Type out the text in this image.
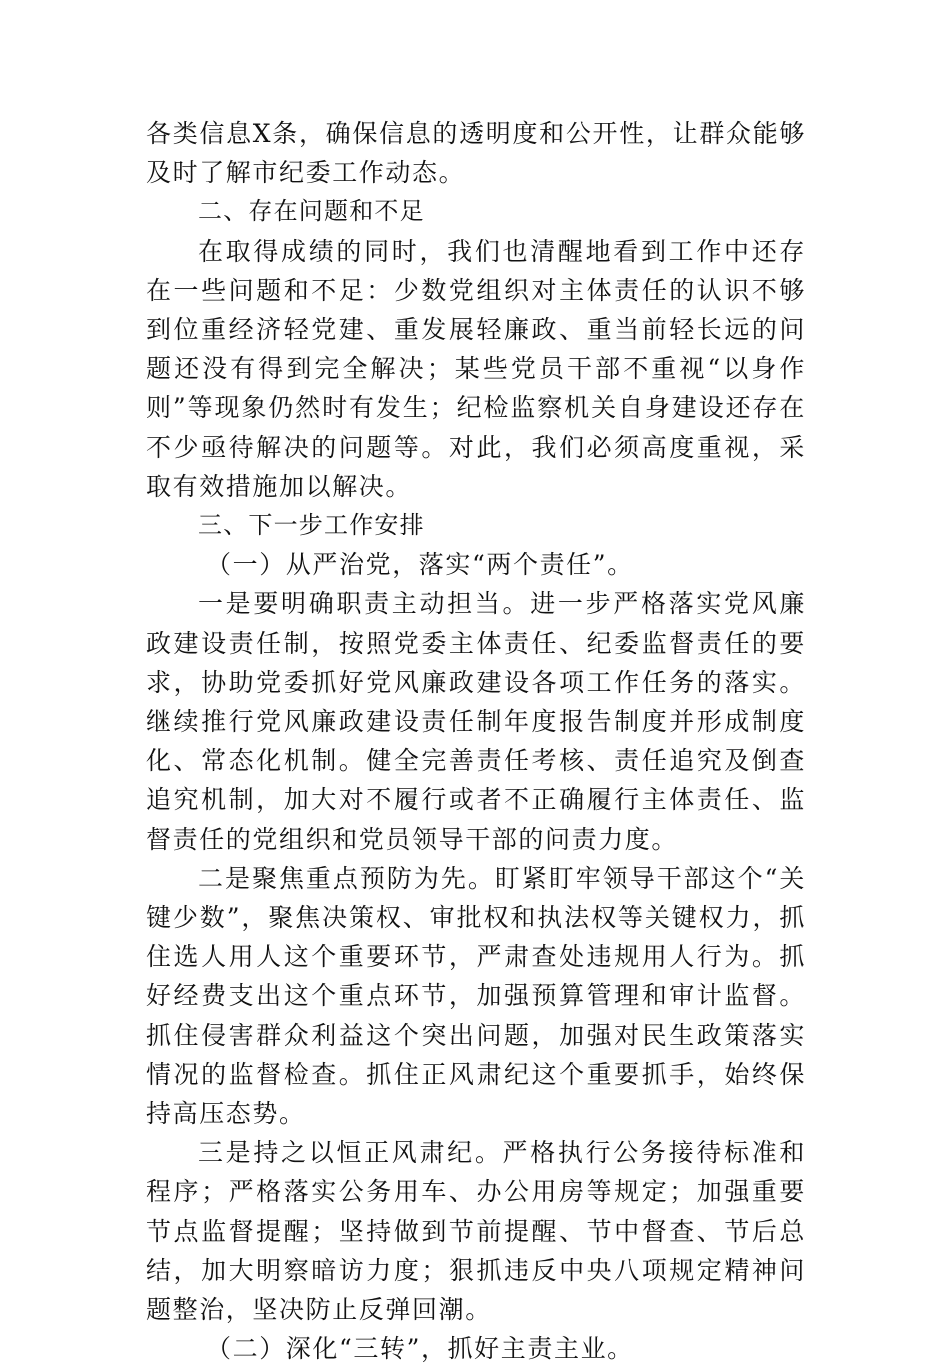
各类信息X条，确保信息的透明度和公开性，让群众能够及时了解市纪委工作动态。

二、存在问题和不足

在取得成绩的同时，我们也清醒地看到工作中还存在一些问题和不足：少数党组织对主体责任的认识不够到位重经济轻党建、重发展轻廉政、重当前轻长远的问题还没有得到完全解决；某些党员干部不重视“以身作则”等现象仍然时有发生；纪检监察机关自身建设还存在不少亟待解决的问题等。对此，我们必须高度重视，采取有效措施加以解决。

三、下一步工作安排

（一）从严治党，落实“两个责任”。

一是要明确职责主动担当。进一步严格落实党风廉政建设责任制，按照党委主体责任、纪委监督责任的要求，协助党委抓好党风廉政建设各项工作任务的落实。继续推行党风廉政建设责任制年度报告制度并形成制度化、常态化机制。健全完善责任考核、责任追究及倒查追究机制，加大对不履行或者不正确履行主体责任、监督责任的党组织和党员领导干部的问责力度。

二是聚焦重点预防为先。盯紧盯牢领导干部这个“关键少数”，聚焦决策权、审批权和执法权等关键权力，抓住选人用人这个重要环节，严肃查处违规用人行为。抓好经费支出这个重点环节，加强预算管理和审计监督。抓住侵害群众利益这个突出问题，加强对民生政策落实情况的监督检查。抓住正风肃纪这个重要抓手，始终保持高压态势。

三是持之以恒正风肃纪。严格执行公务接待标准和程序；严格落实公务用车、办公用房等规定；加强重要节点监督提醒；坚持做到节前提醒、节中督查、节后总结，加大明察暗访力度；狠抓违反中央八项规定精神问题整治，坚决防止反弹回潮。

（二）深化“三转”，抓好主责主业。
